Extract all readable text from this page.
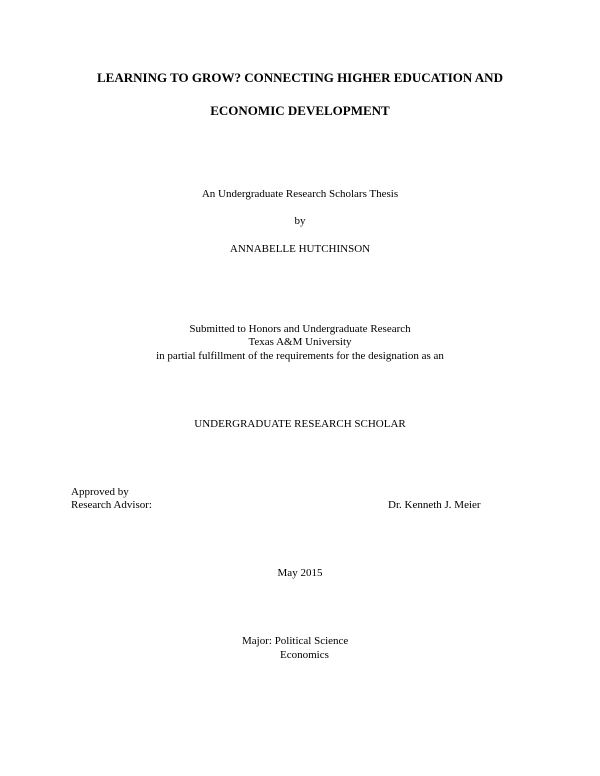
LEARNING TO GROW? CONNECTING HIGHER EDUCATION AND
ECONOMIC DEVELOPMENT
An Undergraduate Research Scholars Thesis
by
ANNABELLE HUTCHINSON
Submitted to Honors and Undergraduate Research
Texas A&M University
in partial fulfillment of the requirements for the designation as an
UNDERGRADUATE RESEARCH SCHOLAR
Approved by
Research Advisor:	Dr. Kenneth J. Meier
May 2015
Major: Political Science
Economics
